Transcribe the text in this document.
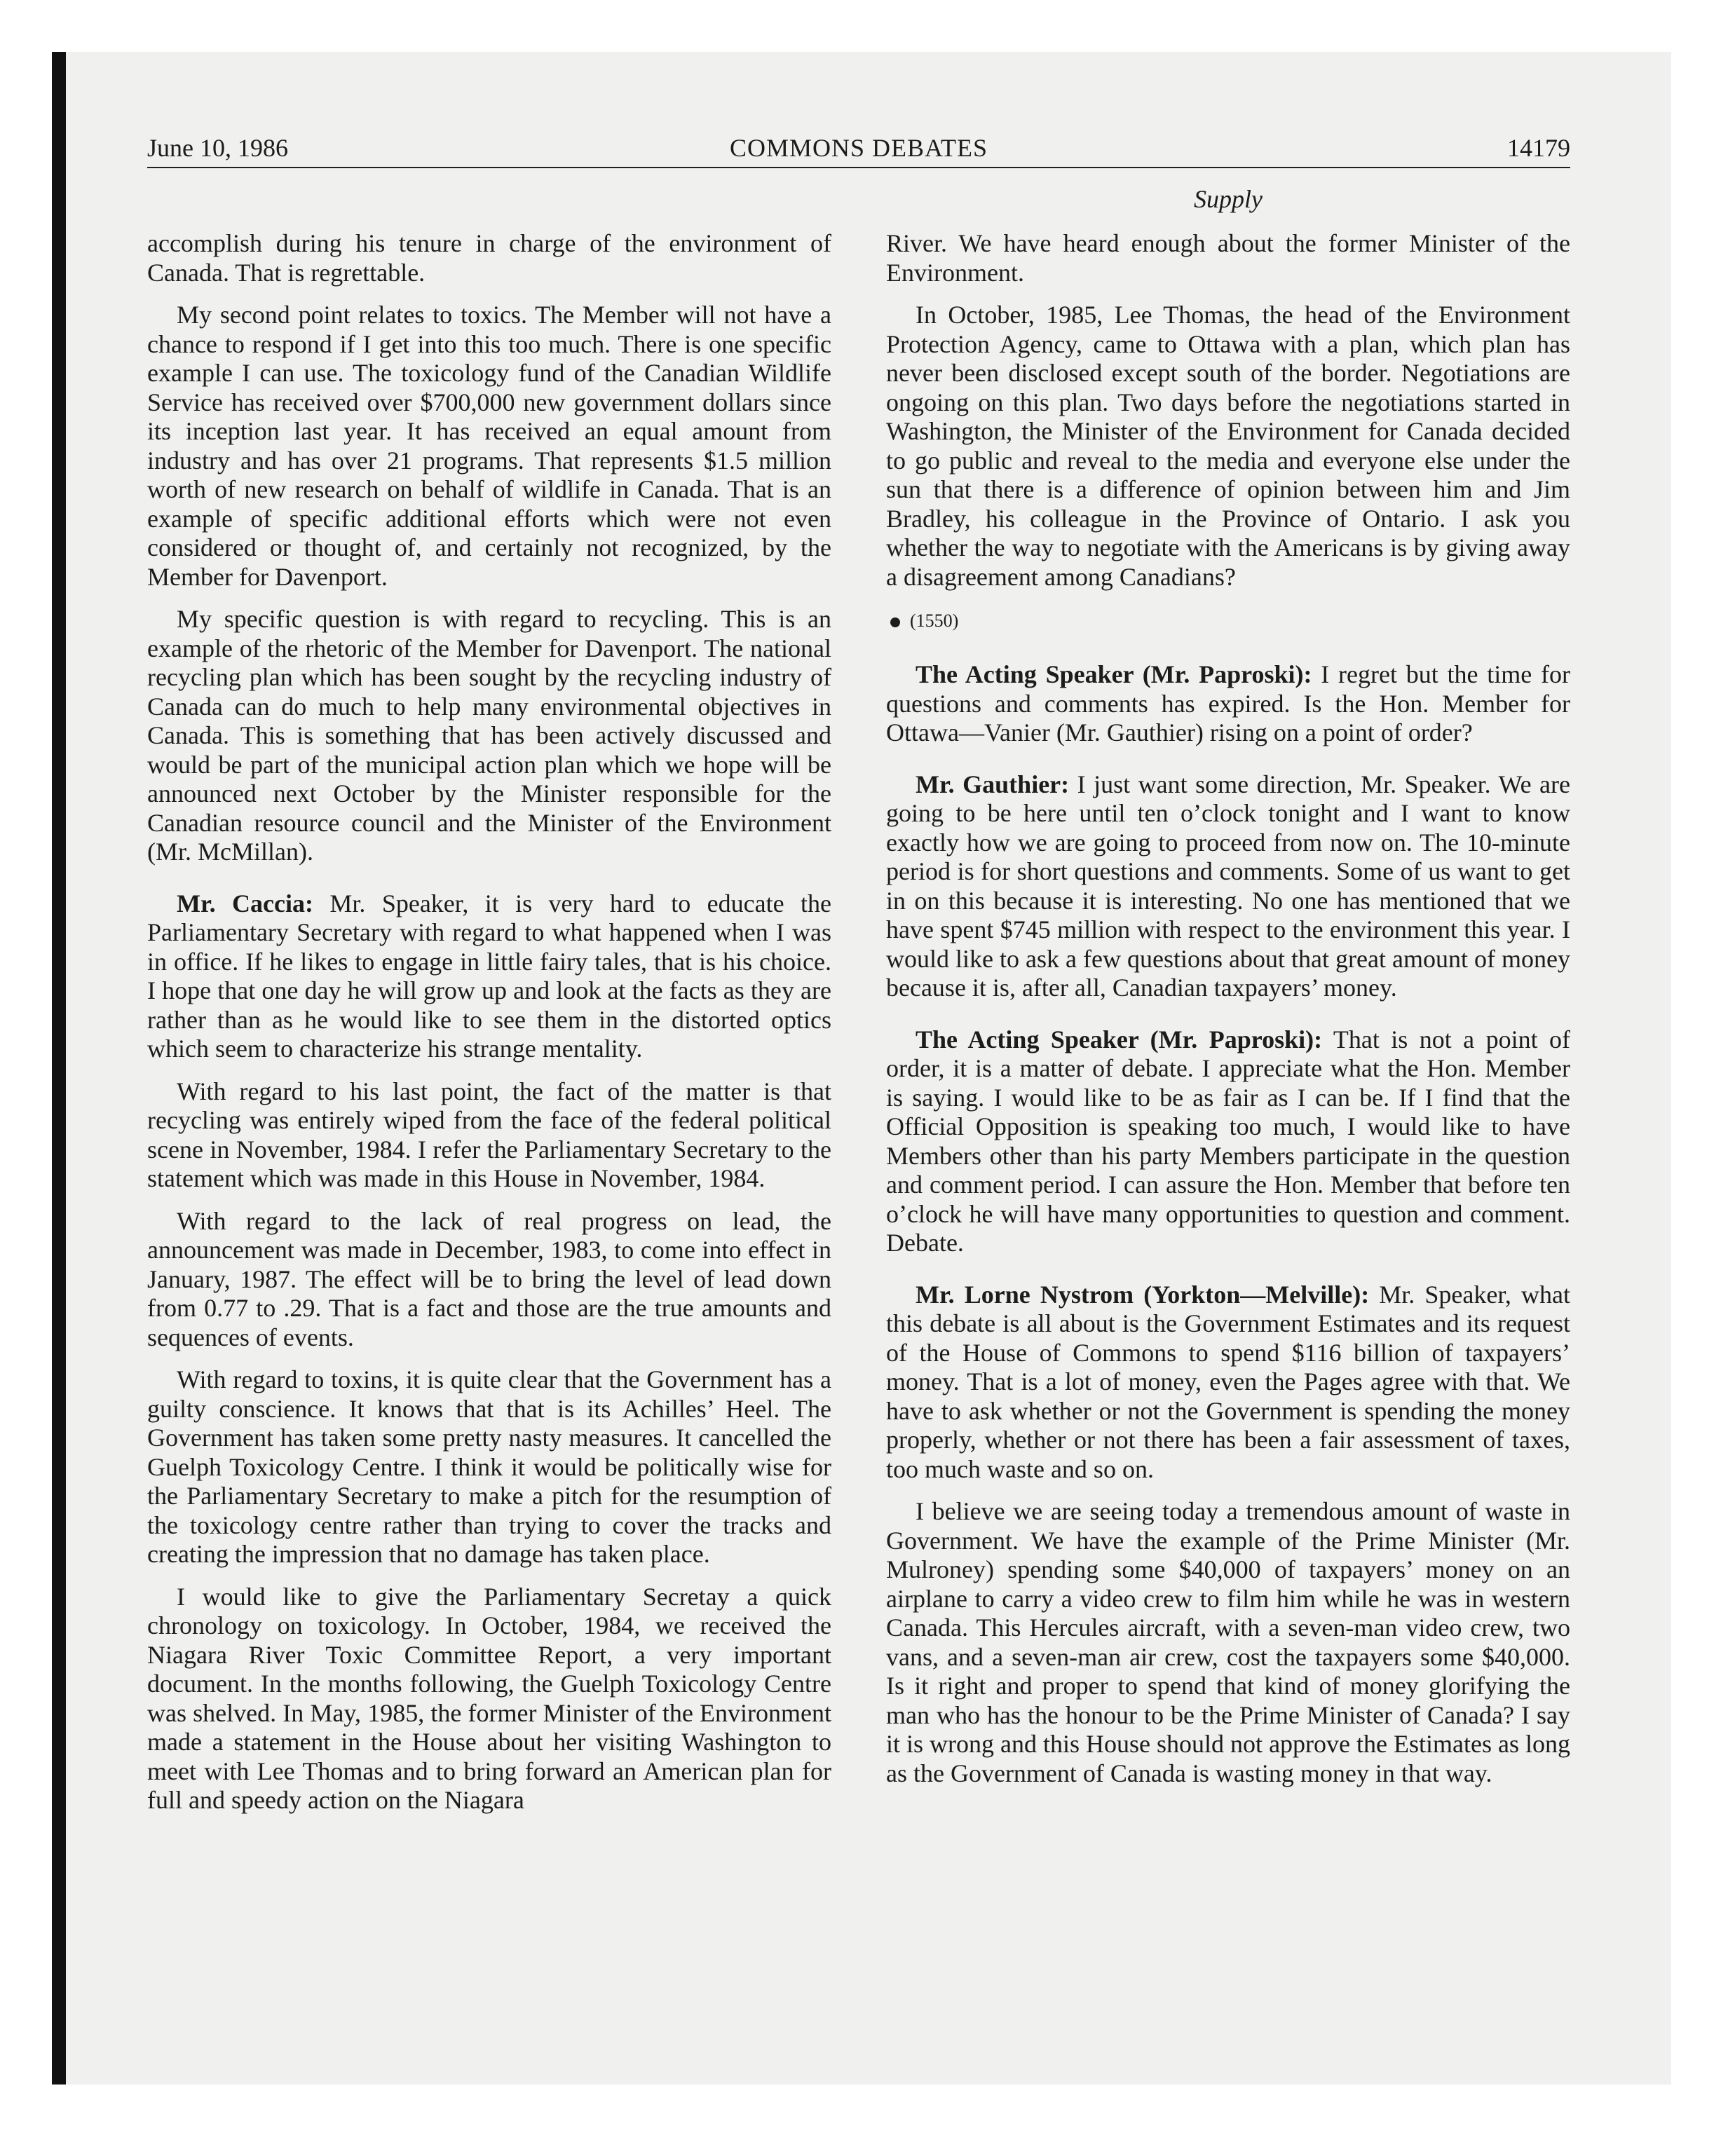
June 10, 1986	COMMONS DEBATES	14179
Supply

accomplish during his tenure in charge of the environment of Canada. That is regrettable.

My second point relates to toxics. The Member will not have a chance to respond if I get into this too much. There is one specific example I can use. The toxicology fund of the Canadian Wildlife Service has received over $700,000 new government dollars since its inception last year. It has received an equal amount from industry and has over 21 programs. That represents $1.5 million worth of new research on behalf of wildlife in Canada. That is an example of specific additional efforts which were not even considered or thought of, and certainly not recognized, by the Member for Davenport.

My specific question is with regard to recycling. This is an example of the rhetoric of the Member for Davenport. The national recycling plan which has been sought by the recycling industry of Canada can do much to help many environmental objectives in Canada. This is something that has been actively discussed and would be part of the municipal action plan which we hope will be announced next October by the Minister responsible for the Canadian resource council and the Minister of the Environment (Mr. McMillan).

Mr. Caccia: Mr. Speaker, it is very hard to educate the Parliamentary Secretary with regard to what happened when I was in office. If he likes to engage in little fairy tales, that is his choice. I hope that one day he will grow up and look at the facts as they are rather than as he would like to see them in the distorted optics which seem to characterize his strange mentality.

With regard to his last point, the fact of the matter is that recycling was entirely wiped from the face of the federal political scene in November, 1984. I refer the Parliamentary Secretary to the statement which was made in this House in November, 1984.

With regard to the lack of real progress on lead, the announcement was made in December, 1983, to come into effect in January, 1987. The effect will be to bring the level of lead down from 0.77 to .29. That is a fact and those are the true amounts and sequences of events.

With regard to toxins, it is quite clear that the Government has a guilty conscience. It knows that that is its Achilles’ Heel. The Government has taken some pretty nasty measures. It cancelled the Guelph Toxicology Centre. I think it would be politically wise for the Parliamentary Secretary to make a pitch for the resumption of the toxicology centre rather than trying to cover the tracks and creating the impression that no damage has taken place.

I would like to give the Parliamentary Secretay a quick chronology on toxicology. In October, 1984, we received the Niagara River Toxic Committee Report, a very important document. In the months following, the Guelph Toxicology Centre was shelved. In May, 1985, the former Minister of the Environment made a statement in the House about her visiting Washington to meet with Lee Thomas and to bring forward an American plan for full and speedy action on the Niagara

River. We have heard enough about the former Minister of the Environment.

In October, 1985, Lee Thomas, the head of the Environment Protection Agency, came to Ottawa with a plan, which plan has never been disclosed except south of the border. Negotiations are ongoing on this plan. Two days before the negotiations started in Washington, the Minister of the Environment for Canada decided to go public and reveal to the media and everyone else under the sun that there is a difference of opinion between him and Jim Bradley, his colleague in the Province of Ontario. I ask you whether the way to negotiate with the Americans is by giving away a disagreement among Canadians?

(1550)

The Acting Speaker (Mr. Paproski): I regret but the time for questions and comments has expired. Is the Hon. Member for Ottawa—Vanier (Mr. Gauthier) rising on a point of order?

Mr. Gauthier: I just want some direction, Mr. Speaker. We are going to be here until ten o’clock tonight and I want to know exactly how we are going to proceed from now on. The 10-minute period is for short questions and comments. Some of us want to get in on this because it is interesting. No one has mentioned that we have spent $745 million with respect to the environment this year. I would like to ask a few questions about that great amount of money because it is, after all, Canadian taxpayers’ money.

The Acting Speaker (Mr. Paproski): That is not a point of order, it is a matter of debate. I appreciate what the Hon. Member is saying. I would like to be as fair as I can be. If I find that the Official Opposition is speaking too much, I would like to have Members other than his party Members participate in the question and comment period. I can assure the Hon. Member that before ten o’clock he will have many opportunities to question and comment. Debate.

Mr. Lorne Nystrom (Yorkton—Melville): Mr. Speaker, what this debate is all about is the Government Estimates and its request of the House of Commons to spend $116 billion of taxpayers’ money. That is a lot of money, even the Pages agree with that. We have to ask whether or not the Government is spending the money properly, whether or not there has been a fair assessment of taxes, too much waste and so on.

I believe we are seeing today a tremendous amount of waste in Government. We have the example of the Prime Minister (Mr. Mulroney) spending some $40,000 of taxpayers’ money on an airplane to carry a video crew to film him while he was in western Canada. This Hercules aircraft, with a seven-man video crew, two vans, and a seven-man air crew, cost the taxpayers some $40,000. Is it right and proper to spend that kind of money glorifying the man who has the honour to be the Prime Minister of Canada? I say it is wrong and this House should not approve the Estimates as long as the Government of Canada is wasting money in that way.
